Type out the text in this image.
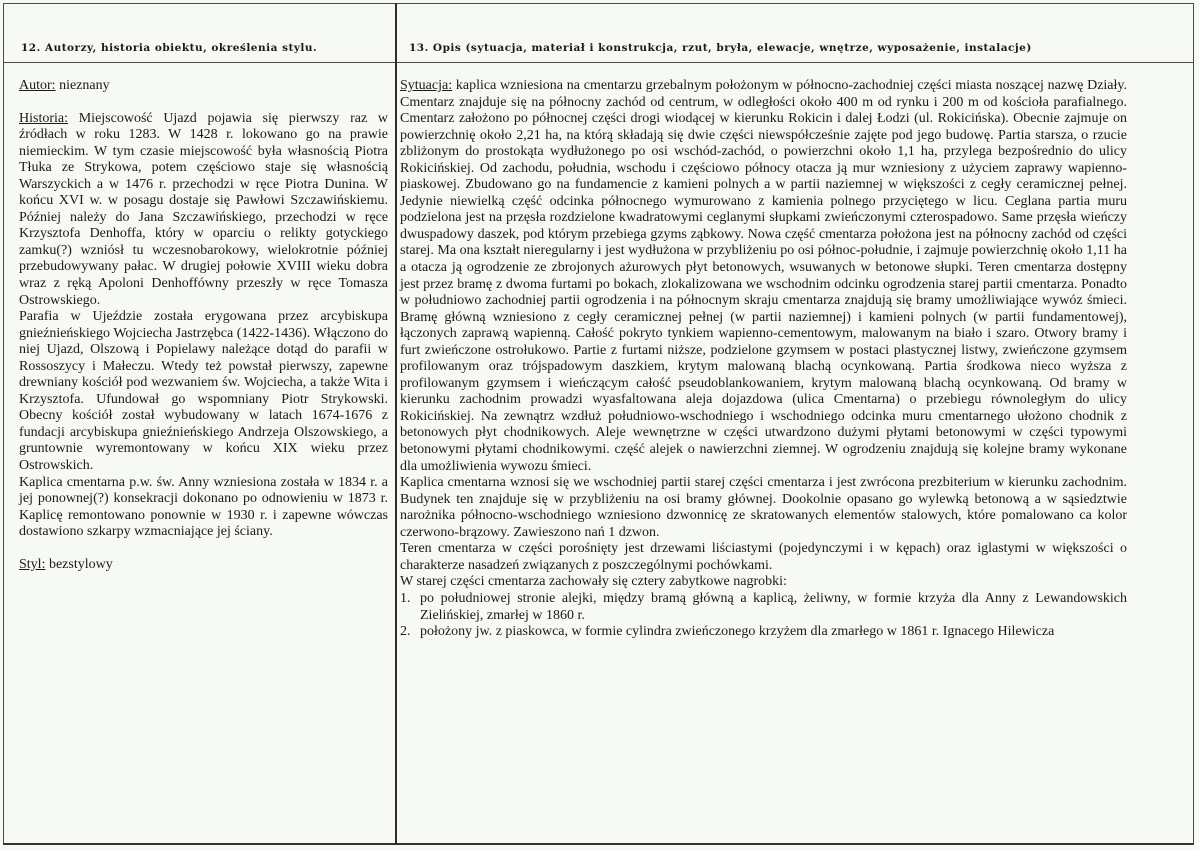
12. Autorzy, historia obiektu, określenia stylu.	13. Opis (sytuacja, materiał i konstrukcja, rzut, bryła, elewacje, wnętrze, wyposażenie, instalacje)

Autor: nieznany

Historia: Miejscowość Ujazd pojawia się pierwszy raz w źródłach w roku 1283. W 1428 r. lokowano go na prawie niemieckim. W tym czasie miejscowość była własnością Piotra Tłuka ze Strykowa, potem częściowo staje się własnością Warszyckich a w 1476 r. przechodzi w ręce Piotra Dunina. W końcu XVI w. w posagu dostaje się Pawłowi Szczawińskiemu. Później należy do Jana Szczawińskiego, przechodzi w ręce Krzysztofa Denhoffa, który w oparciu o relikty gotyckiego zamku(?) wzniósł tu wczesnobarokowy, wielokrotnie później przebudowywany pałac. W drugiej połowie XVIII wieku dobra wraz z ręką Apoloni Denhoffówny przeszły w ręce Tomasza Ostrowskiego.

Parafia w Ujeździe została erygowana przez arcybiskupa gnieźnieńskiego Wojciecha Jastrzębca (1422-1436). Włączono do niej Ujazd, Olszową i Popielawy należące dotąd do parafii w Rossoszycy i Małeczu. Wtedy też powstał pierwszy, zapewne drewniany kościół pod wezwaniem św. Wojciecha, a także Wita i Krzysztofa. Ufundował go wspomniany Piotr Strykowski. Obecny kościół został wybudowany w latach 1674-1676 z fundacji arcybiskupa gnieźnieńskiego Andrzeja Olszowskiego, a gruntownie wyremontowany w końcu XIX wieku przez Ostrowskich.

Kaplica cmentarna p.w. św. Anny wzniesiona została w 1834 r. a jej ponownej(?) konsekracji dokonano po odnowieniu w 1873 r. Kaplicę remontowano ponownie w 1930 r. i zapewne wówczas dostawiono szkarpy wzmacniające jej ściany.

Styl: bezstylowy

Sytuacja: kaplica wzniesiona na cmentarzu grzebalnym położonym w północno-zachodniej części miasta noszącej nazwę Działy. Cmentarz znajduje się na północny zachód od centrum, w odległości około 400 m od rynku i 200 m od kościoła parafialnego. Cmentarz założono po północnej części drogi wiodącej w kierunku Rokicin i dalej Łodzi (ul. Rokicińska). Obecnie zajmuje on powierzchnię około 2,21 ha, na którą składają się dwie części niewspółcześnie zajęte pod jego budowę. Partia starsza, o rzucie zbliżonym do prostokąta wydłużonego po osi wschód-zachód, o powierzchni około 1,1 ha, przylega bezpośrednio do ulicy Rokicińskiej. Od zachodu, południa, wschodu i częściowo północy otacza ją mur wzniesiony z użyciem zaprawy wapienno-piaskowej. Zbudowano go na fundamencie z kamieni polnych a w partii naziemnej w większości z cegły ceramicznej pełnej. Jedynie niewielką część odcinka północnego wymurowano z kamienia polnego przyciętego w licu. Ceglana partia muru podzielona jest na przęsła rozdzielone kwadratowymi ceglanymi słupkami zwieńczonymi czterospadowo. Same przęsła wieńczy dwuspadowy daszek, pod którym przebiega gzyms ząbkowy. Nowa część cmentarza położona jest na północny zachód od części starej. Ma ona kształt nieregularny i jest wydłużona w przybliżeniu po osi północ-południe, i zajmuje powierzchnię około 1,11 ha a otacza ją ogrodzenie ze zbrojonych ażurowych płyt betonowych, wsuwanych w betonowe słupki. Teren cmentarza dostępny jest przez bramę z dwoma furtami po bokach, zlokalizowana we wschodnim odcinku ogrodzenia starej partii cmentarza. Ponadto w południowo zachodniej partii ogrodzenia i na północnym skraju cmentarza znajdują się bramy umożliwiające wywóz śmieci. Bramę główną wzniesiono z cegły ceramicznej pełnej (w partii naziemnej) i kamieni polnych (w partii fundamentowej), łączonych zaprawą wapienną. Całość pokryto tynkiem wapienno-cementowym, malowanym na biało i szaro. Otwory bramy i furt zwieńczone ostrołukowo. Partie z furtami niższe, podzielone gzymsem w postaci plastycznej listwy, zwieńczone gzymsem profilowanym oraz trójspadowym daszkiem, krytym malowaną blachą ocynkowaną. Partia środkowa nieco wyższa z profilowanym gzymsem i wieńczącym całość pseudoblankowaniem, krytym malowaną blachą ocynkowaną. Od bramy w kierunku zachodnim prowadzi wyasfaltowana aleja dojazdowa (ulica Cmentarna) o przebiegu równoległym do ulicy Rokicińskiej. Na zewnątrz wzdłuż południowo-wschodniego i wschodniego odcinka muru cmentarnego ułożono chodnik z betonowych płyt chodnikowych. Aleje wewnętrzne w części utwardzono dużymi płytami betonowymi w części typowymi betonowymi płytami chodnikowymi. część alejek o nawierzchni ziemnej. W ogrodzeniu znajdują się kolejne bramy wykonane dla umożliwienia wywozu śmieci.

Kaplica cmentarna wznosi się we wschodniej partii starej części cmentarza i jest zwrócona prezbiterium w kierunku zachodnim. Budynek ten znajduje się w przybliżeniu na osi bramy głównej. Dookolnie opasano go wylewką betonową a w sąsiedztwie narożnika północno-wschodniego wzniesiono dzwonnicę ze skratowanych elementów stalowych, które pomalowano ca kolor czerwono-brązowy. Zawieszono nań 1 dzwon.

Teren cmentarza w części porośnięty jest drzewami liściastymi (pojedynczymi i w kępach) oraz iglastymi w większości o charakterze nasadzeń związanych z poszczególnymi pochówkami.

W starej części cmentarza zachowały się cztery zabytkowe nagrobki:

1. po południowej stronie alejki, między bramą główną a kaplicą, żeliwny, w formie krzyża dla Anny z Lewandowskich Zielińskiej, zmarłej w 1860 r.
2. położony jw. z piaskowca, w formie cylindra zwieńczonego krzyżem dla zmarłego w 1861 r. Ignacego Hilewicza
